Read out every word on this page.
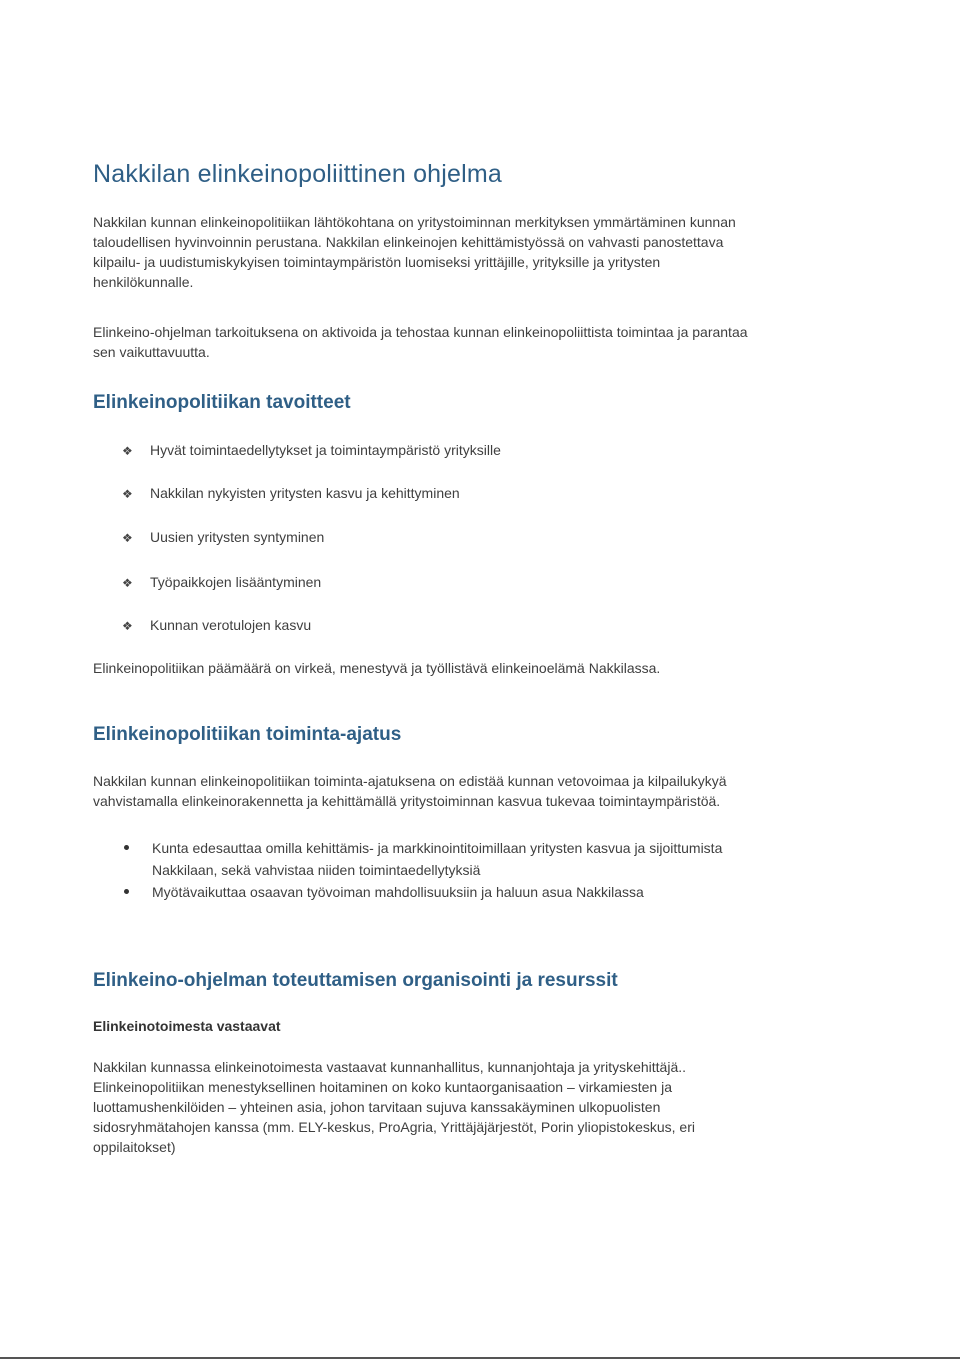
Nakkilan elinkeinopoliittinen ohjelma

Nakkilan kunnan elinkeinopolitiikan lähtökohtana on yritystoiminnan merkityksen ymmärtäminen kunnan
taloudellisen hyvinvoinnin perustana. Nakkilan elinkeinojen kehittämistyössä on vahvasti panostettava
kilpailu- ja uudistumiskykyisen toimintaympäristön luomiseksi yrittäjille, yrityksille ja yritysten
henkilökunnalle.

Elinkeino-ohjelman tarkoituksena on aktivoida ja tehostaa kunnan elinkeinopoliittista toimintaa ja parantaa
sen vaikuttavuutta.

Elinkeinopolitiikan tavoitteet
❖ Hyvät toimintaedellytykset ja toimintaympäristö yrityksille
❖ Nakkilan nykyisten yritysten kasvu ja kehittyminen
❖ Uusien yritysten syntyminen
❖ Työpaikkojen lisääntyminen
❖ Kunnan verotulojen kasvu

Elinkeinopolitiikan päämäärä on virkeä, menestyvä ja työllistävä elinkeinoelämä Nakkilassa.

Elinkeinopolitiikan toiminta-ajatus

Nakkilan kunnan elinkeinopolitiikan toiminta-ajatuksena on edistää kunnan vetovoimaa ja kilpailukykyä
vahvistamalla elinkeinorakennetta ja kehittämällä yritystoiminnan kasvua tukevaa toimintaympäristöä.

Kunta edesauttaa omilla kehittämis- ja markkinointitoimillaan yritysten kasvua ja sijoittumista
Nakkilaan, sekä vahvistaa niiden toimintaedellytyksiä
Myötävaikuttaa osaavan työvoiman mahdollisuuksiin ja haluun asua Nakkilassa
Elinkeino-ohjelman toteuttamisen organisointi ja resurssit
Elinkeinotoimesta vastaavat

Nakkilan kunnassa elinkeinotoimesta vastaavat kunnanhallitus, kunnanjohtaja ja yrityskehittäjä..
Elinkeinopolitiikan menestyksellinen hoitaminen on koko kuntaorganisaation – virkamiesten ja
luottamushenkilöiden – yhteinen asia, johon tarvitaan sujuva kanssakäyminen ulkopuolisten
sidosryhmätahojen kanssa (mm. ELY-keskus, ProAgria, Yrittäjäjärjestöt, Porin yliopistokeskus, eri
oppilaitokset)
